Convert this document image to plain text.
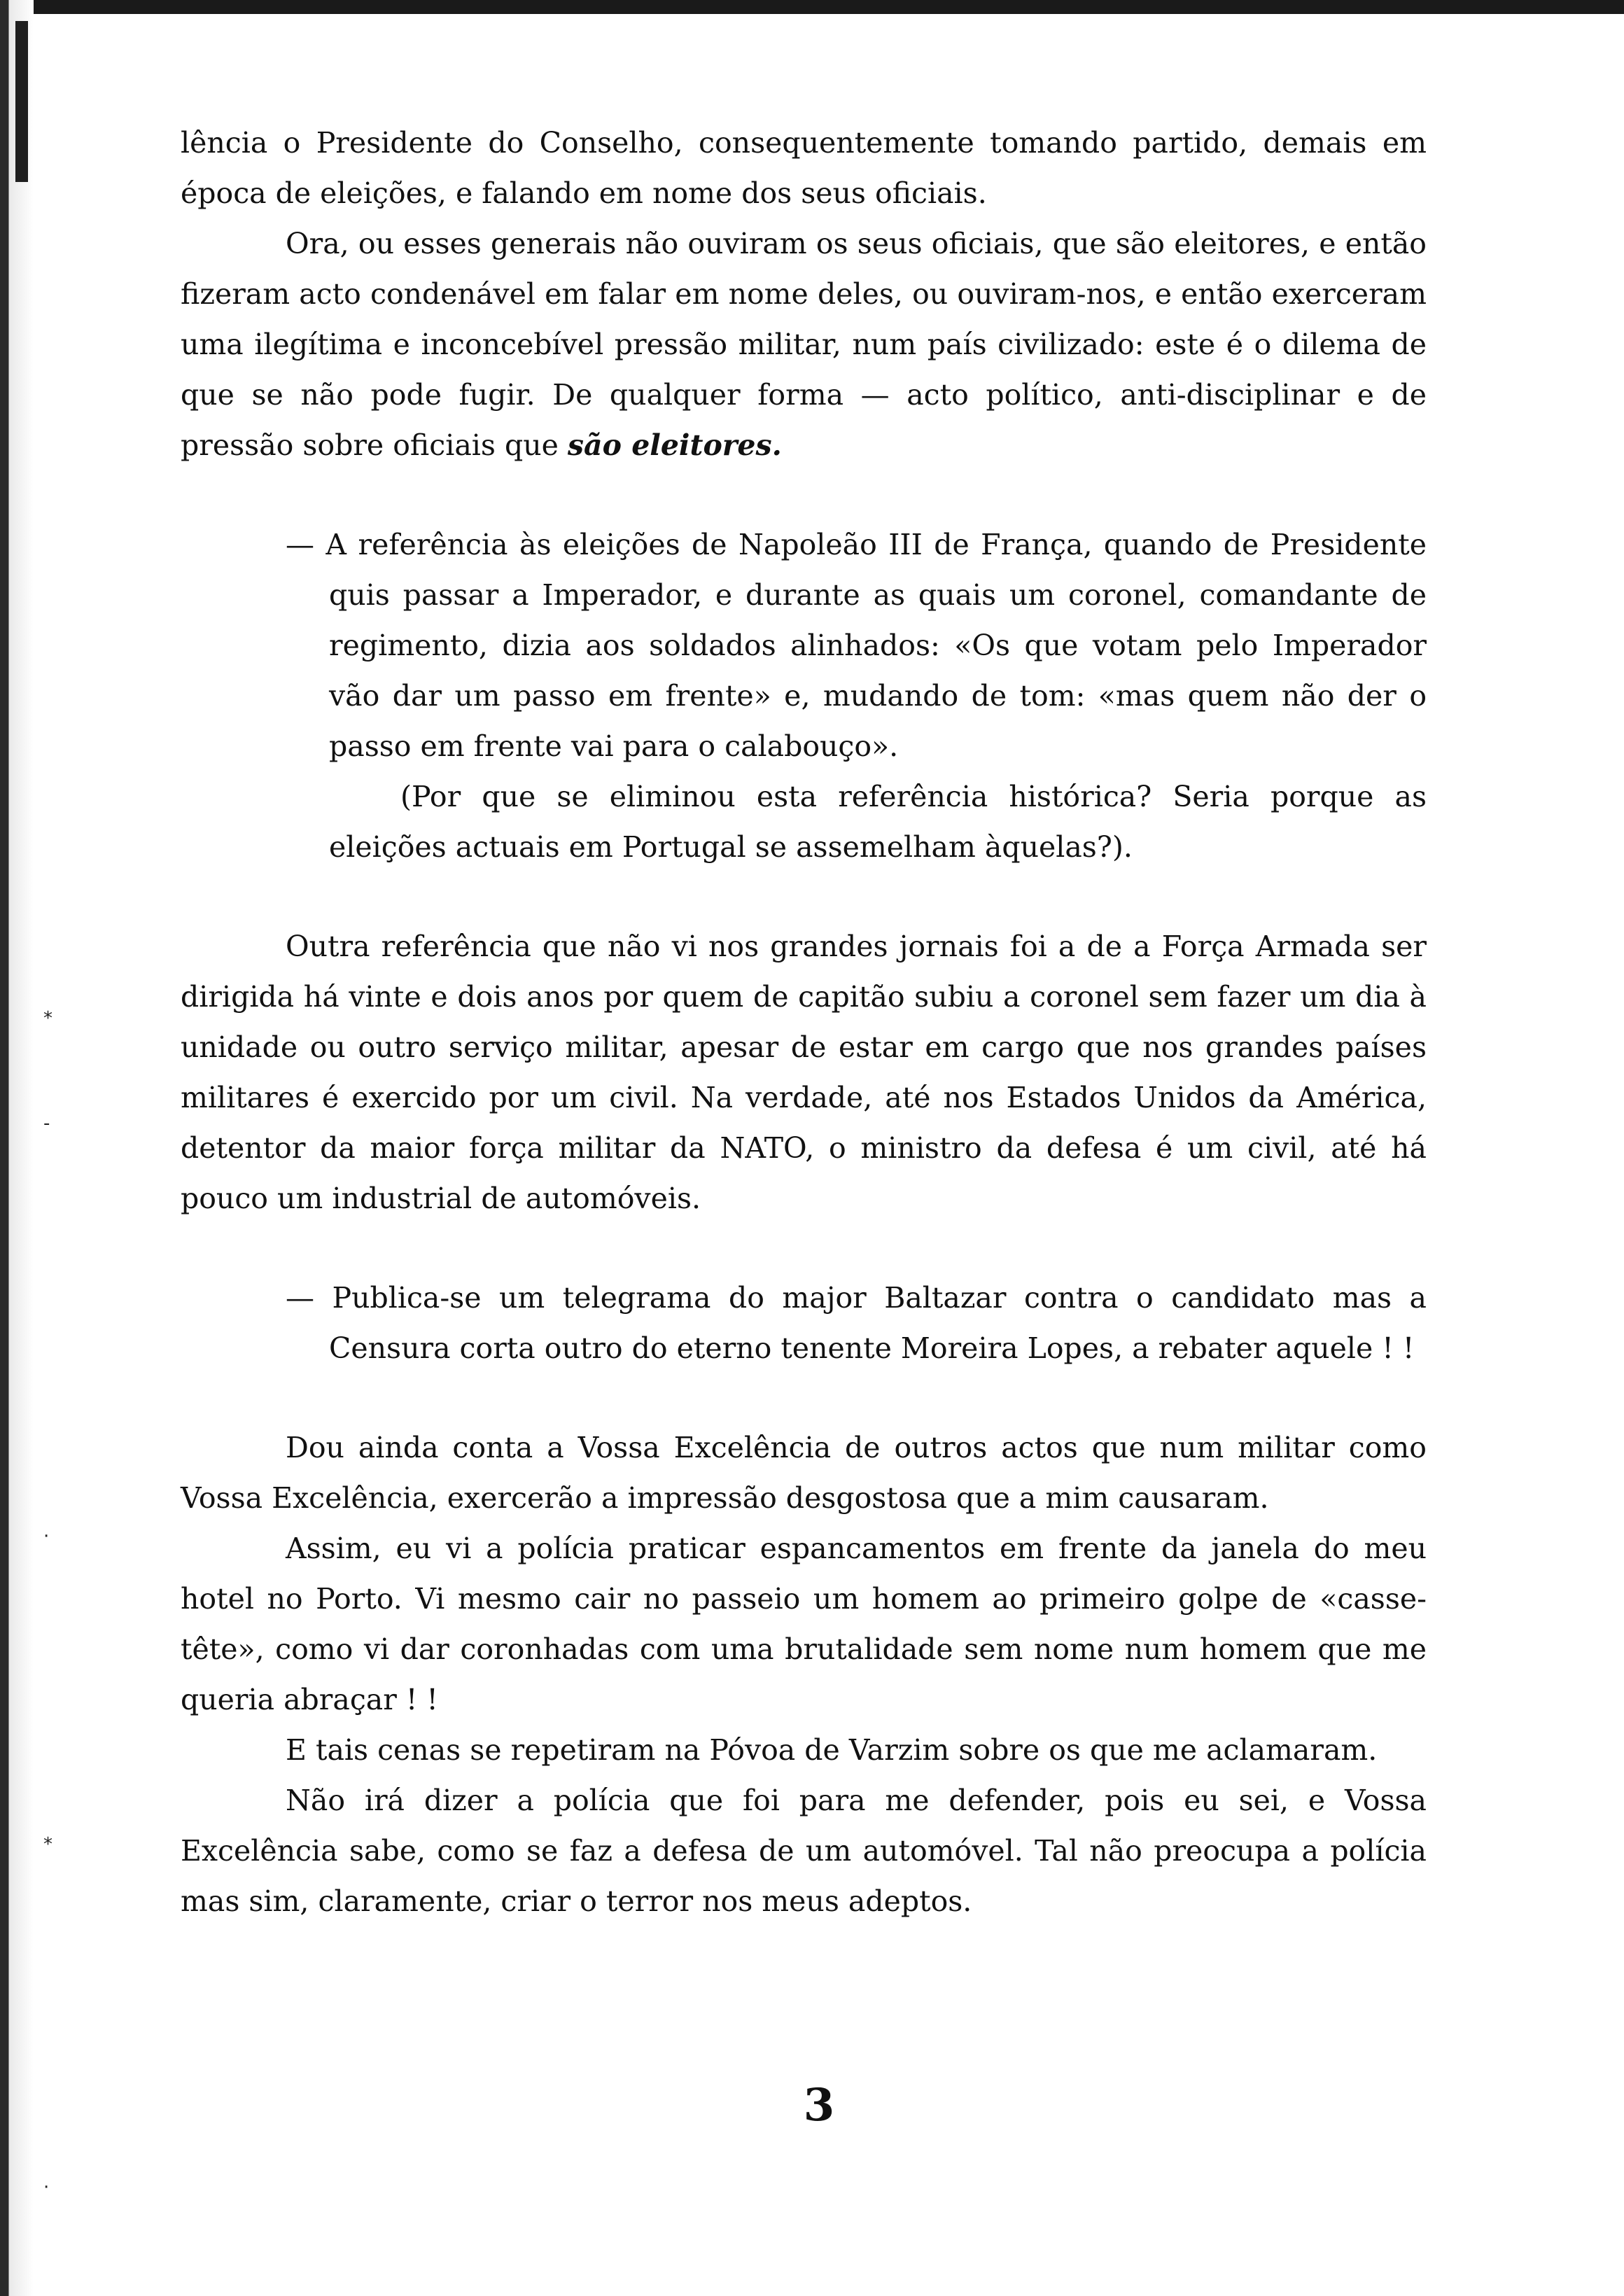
*
-
·
*
·

lência o Presidente do Conselho, consequentemente tomando partido, demais em época de eleições, e falando em nome dos seus oficiais.

Ora, ou esses generais não ouviram os seus oficiais, que são eleitores, e então fizeram acto condenável em falar em nome deles, ou ouviram-nos, e então exerceram uma ilegítima e inconcebível pressão militar, num país civilizado: este é o dilema de que se não pode fugir. De qualquer forma — acto político, anti-disciplinar e de pressão sobre oficiais que são eleitores.

— A referência às eleições de Napoleão III de França, quando de Presidente quis passar a Imperador, e durante as quais um coronel, comandante de regimento, dizia aos soldados alinhados: «Os que votam pelo Imperador vão dar um passo em frente» e, mudando de tom: «mas quem não der o passo em frente vai para o calabouço».

(Por que se eliminou esta referência histórica? Seria porque as eleições actuais em Portugal se assemelham àquelas?).

Outra referência que não vi nos grandes jornais foi a de a Força Armada ser dirigida há vinte e dois anos por quem de capitão subiu a coronel sem fazer um dia à unidade ou outro serviço militar, apesar de estar em cargo que nos grandes países militares é exercido por um civil. Na verdade, até nos Estados Unidos da América, detentor da maior força militar da NATO, o ministro da defesa é um civil, até há pouco um industrial de automóveis.

— Publica-se um telegrama do major Baltazar contra o candidato mas a Censura corta outro do eterno tenente Moreira Lopes, a rebater aquele ! !

Dou ainda conta a Vossa Excelência de outros actos que num militar como Vossa Excelência, exercerão a impressão desgostosa que a mim causaram.

Assim, eu vi a polícia praticar espancamentos em frente da janela do meu hotel no Porto. Vi mesmo cair no passeio um homem ao primeiro golpe de «casse-tête», como vi dar coronhadas com uma brutalidade sem nome num homem que me queria abraçar ! !

E tais cenas se repetiram na Póvoa de Varzim sobre os que me aclamaram.

Não irá dizer a polícia que foi para me defender, pois eu sei, e Vossa Excelência sabe, como se faz a defesa de um automóvel. Tal não preocupa a polícia mas sim, claramente, criar o terror nos meus adeptos.

3
